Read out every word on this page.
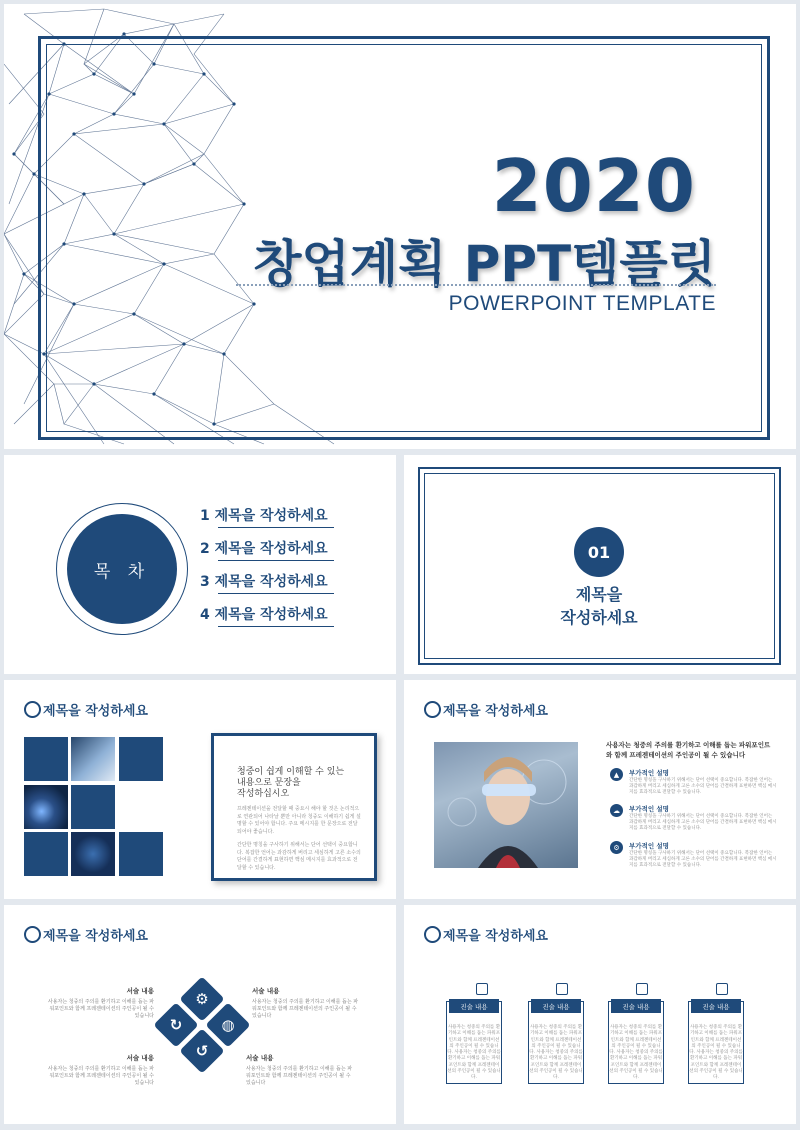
2020
창업계획 PPT템플릿
POWERPOINT TEMPLATE
목 차
1 제목을 작성하세요
2 제목을 작성하세요
3 제목을 작성하세요
4 제목을 작성하세요
01
제목을
작성하세요
제목을 작성하세요
청중이 쉽게 이해할 수 있는
내용으로 문장을
작성하십시오
프레젠테이션을 전달할 때 중요시 해야 할 것은 논리적으로 연관되어 나타날 뿐만 아니라 청중도 이해하기 쉽게 설명할 수 있어야 합니다. 주요 메시지를 한 문장으로 전달되어야 좋습니다.
간단한 명칭을 구사하기 위해서는 단어 선택이 중요합니다. 복잡한 언어는 과감하게 버리고 세심하게 고른 소수의 단어를 간결하게 표현하면 핵심 메시지를 효과적으로 전달할 수 있습니다.
제목을 작성하세요
사용자는 청중의 주의를 환기하고 이해를 돕는 파워포인트와 함께 프레젠테이션의 주인공이 될 수 있습니다
▲	부가적인 설명
간단한 명칭을 구사하기 위해서는 단어 선택이 중요합니다. 복잡한 언어는 과감하게 버리고 세심하게 고른 소수의 단어를 간결하게 표현하면 핵심 메시지를 효과적으로 전달할 수 있습니다.
☁	부가적인 설명
간단한 명칭을 구사하기 위해서는 단어 선택이 중요합니다. 복잡한 언어는 과감하게 버리고 세심하게 고른 소수의 단어를 간결하게 표현하면 핵심 메시지를 효과적으로 전달할 수 있습니다.
⚙	부가적인 설명
간단한 명칭을 구사하기 위해서는 단어 선택이 중요합니다. 복잡한 언어는 과감하게 버리고 세심하게 고른 소수의 단어를 간결하게 표현하면 핵심 메시지를 효과적으로 전달할 수 있습니다.
제목을 작성하세요
⚙
◍
↻
↺
서술 내용
사용자는 청중의 주의를 환기하고 이해를 돕는 파워포인트와 함께 프레젠테이션의 주인공이 될 수 있습니다
서술 내용
사용자는 청중의 주의를 환기하고 이해를 돕는 파워포인트와 함께 프레젠테이션의 주인공이 될 수 있습니다
서술 내용
사용자는 청중의 주의를 환기하고 이해를 돕는 파워포인트와 함께 프레젠테이션의 주인공이 될 수 있습니다
서술 내용
사용자는 청중의 주의를 환기하고 이해를 돕는 파워포인트와 함께 프레젠테이션의 주인공이 될 수 있습니다
제목을 작성하세요
진술 내용	진술 내용	진술 내용	진술 내용
사용자는 청중의 주의를 환기하고 이해를 돕는 파워포인트와 함께 프레젠테이션의 주인공이 될 수 있습니다. 사용자는 청중의 주의를 환기하고 이해를 돕는 파워포인트와 함께 프레젠테이션의 주인공이 될 수 있습니다.
사용자는 청중의 주의를 환기하고 이해를 돕는 파워포인트와 함께 프레젠테이션의 주인공이 될 수 있습니다. 사용자는 청중의 주의를 환기하고 이해를 돕는 파워포인트와 함께 프레젠테이션의 주인공이 될 수 있습니다.
사용자는 청중의 주의를 환기하고 이해를 돕는 파워포인트와 함께 프레젠테이션의 주인공이 될 수 있습니다. 사용자는 청중의 주의를 환기하고 이해를 돕는 파워포인트와 함께 프레젠테이션의 주인공이 될 수 있습니다.
사용자는 청중의 주의를 환기하고 이해를 돕는 파워포인트와 함께 프레젠테이션의 주인공이 될 수 있습니다. 사용자는 청중의 주의를 환기하고 이해를 돕는 파워포인트와 함께 프레젠테이션의 주인공이 될 수 있습니다.
